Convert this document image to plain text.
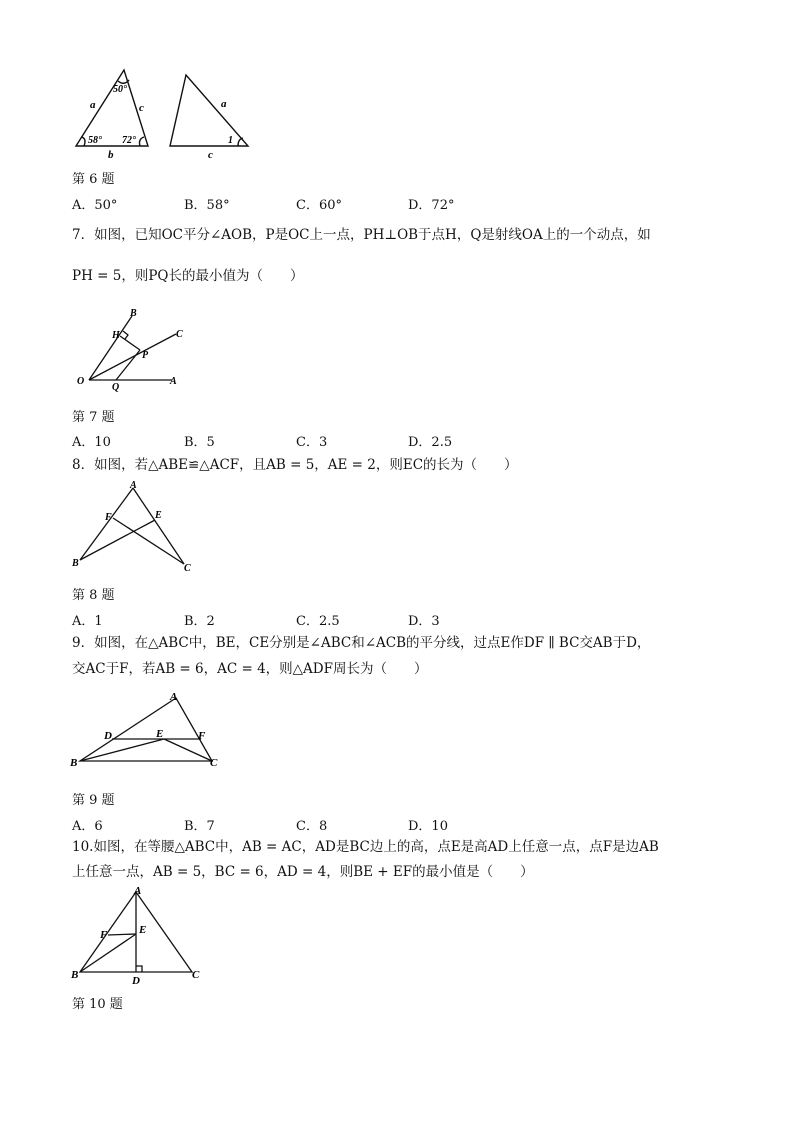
50°
a	c
58° 72°
b
a
1
c
第 6 题
A．50°	B．58°	C．60°	D．72°
7．如图，已知OC平分∠AOB，P是OC上一点，PH⊥OB于点H，Q是射线OA上的一个动点，如
PH = 5，则PQ长的最小值为（　　）
B
H	C
P
O
Q
A
第 7 题
A．10	B．5	C．3	D．2.5
8．如图，若△ABE≌△ACF，且AB = 5，AE = 2，则EC的长为（　　）
A
F	E
B	C
第 8 题
A．1	B．2	C．2.5	D．3
9．如图，在△ABC中，BE，CE分别是∠ABC和∠ACB的平分线，过点E作DF ∥ BC交AB于D，
交AC于F，若AB = 6，AC = 4，则△ADF周长为（　　）
A
D	E	F
B	C
第 9 题
A．6	B．7	C．8	D．10
10.如图，在等腰△ABC中，AB = AC，AD是BC边上的高，点E是高AD上任意一点，点F是边AB
上任意一点，AB = 5，BC = 6，AD = 4，则BE + EF的最小值是（　　）
A
F	E
B	D	C
第 10 题
